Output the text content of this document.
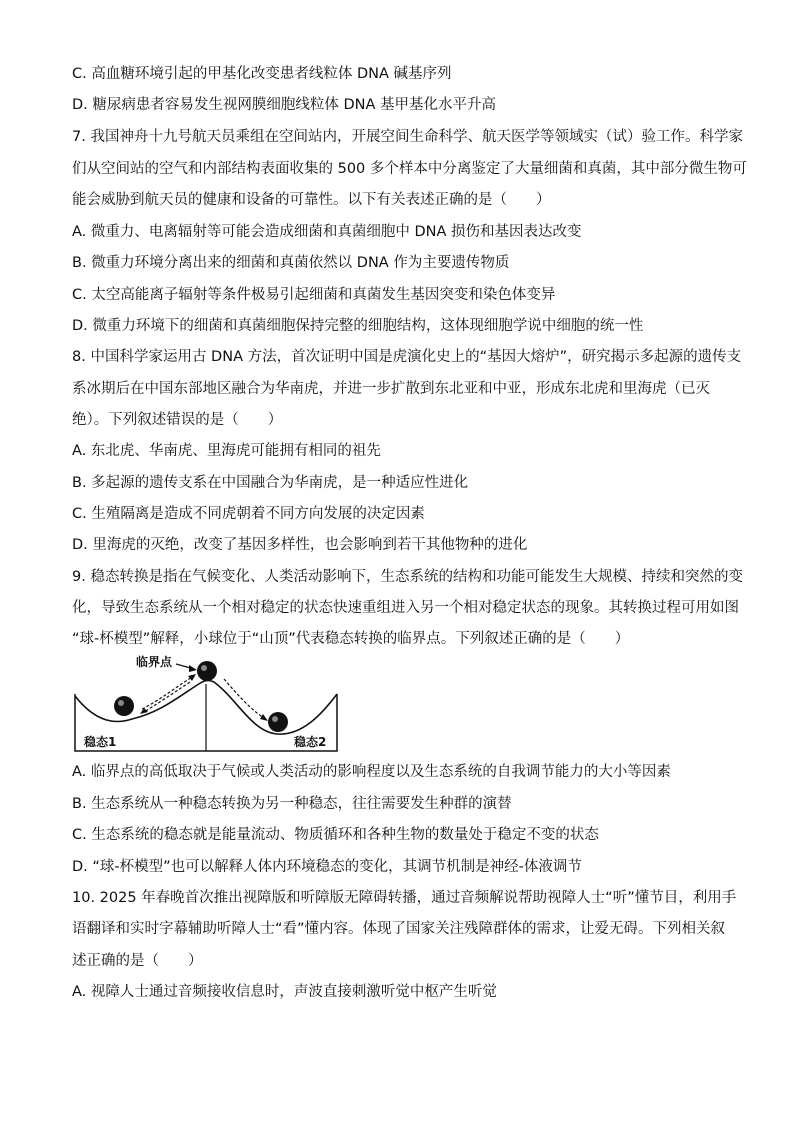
C. 高血糖环境引起的甲基化改变患者线粒体 DNA 碱基序列
D. 糖尿病患者容易发生视网膜细胞线粒体 DNA 基甲基化水平升高
7. 我国神舟十九号航天员乘组在空间站内，开展空间生命科学、航天医学等领域实（试）验工作。科学家
们从空间站的空气和内部结构表面收集的 500 多个样本中分离鉴定了大量细菌和真菌，其中部分微生物可
能会威胁到航天员的健康和设备的可靠性。以下有关表述正确的是（　　）
A. 微重力、电离辐射等可能会造成细菌和真菌细胞中 DNA 损伤和基因表达改变
B. 微重力环境分离出来的细菌和真菌依然以 DNA 作为主要遗传物质
C. 太空高能离子辐射等条件极易引起细菌和真菌发生基因突变和染色体变异
D. 微重力环境下的细菌和真菌细胞保持完整的细胞结构，这体现细胞学说中细胞的统一性
8. 中国科学家运用古 DNA 方法，首次证明中国是虎演化史上的“基因大熔炉”，研究揭示多起源的遗传支
系冰期后在中国东部地区融合为华南虎，并进一步扩散到东北亚和中亚，形成东北虎和里海虎（已灭
绝）。下列叙述错误的是（　　）
A. 东北虎、华南虎、里海虎可能拥有相同的祖先
B. 多起源的遗传支系在中国融合为华南虎，是一种适应性进化
C. 生殖隔离是造成不同虎朝着不同方向发展的决定因素
D. 里海虎的灭绝，改变了基因多样性，也会影响到若干其他物种的进化
9. 稳态转换是指在气候变化、人类活动影响下，生态系统的结构和功能可能发生大规模、持续和突然的变
化，导致生态系统从一个相对稳定的状态快速重组进入另一个相对稳定状态的现象。其转换过程可用如图
“球-杯模型”解释，小球位于“山顶”代表稳态转换的临界点。下列叙述正确的是（　　）
临界点
稳态1	稳态2
A. 临界点的高低取决于气候或人类活动的影响程度以及生态系统的自我调节能力的大小等因素
B. 生态系统从一种稳态转换为另一种稳态，往往需要发生种群的演替
C. 生态系统的稳态就是能量流动、物质循环和各种生物的数量处于稳定不变的状态
D. “球-杯模型”也可以解释人体内环境稳态的变化，其调节机制是神经-体液调节
10. 2025 年春晚首次推出视障版和听障版无障碍转播，通过音频解说帮助视障人士“听”懂节目，利用手
语翻译和实时字幕辅助听障人士“看”懂内容。体现了国家关注残障群体的需求，让爱无碍。下列相关叙
述正确的是（　　）
A. 视障人士通过音频接收信息时，声波直接刺激听觉中枢产生听觉
